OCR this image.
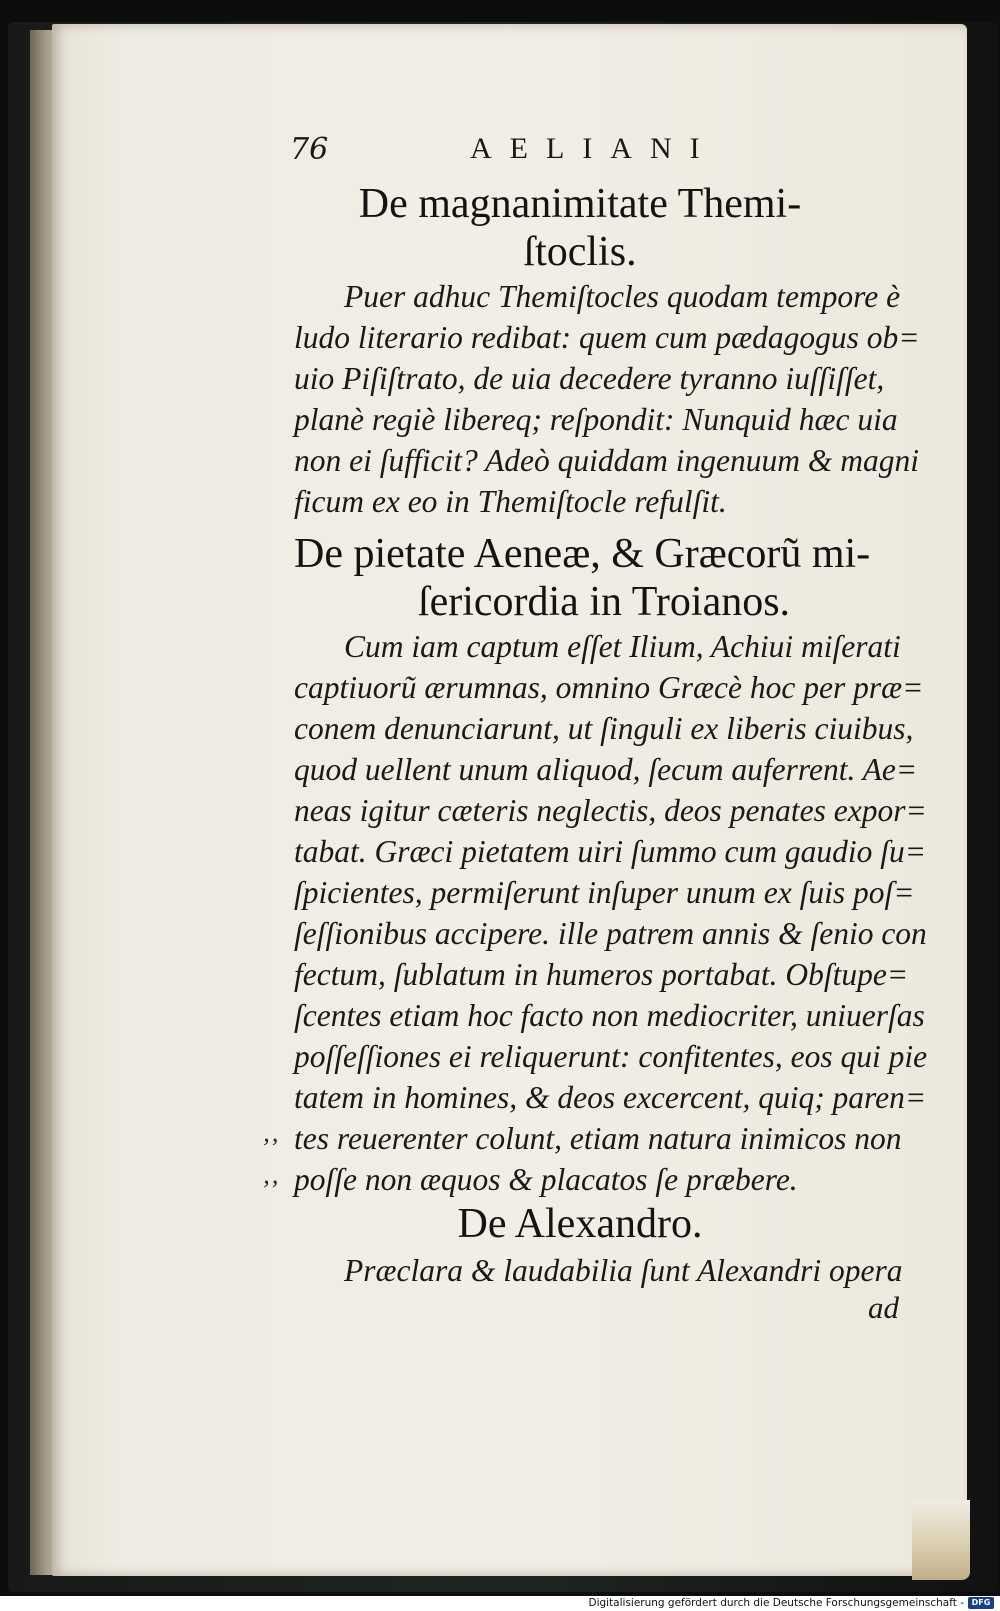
76	AELIANI
De magnanimitate Themi-
ſtoclis.
Puer adhuc Themiſtocles quodam tempore è
ludo literario redibat: quem cum pædagogus ob=
uio Piſiſtrato, de uia decedere tyranno iuſſiſſet,
planè regiè libereq; reſpondit: Nunquid hæc uia
non ei ſufficit? Adeò quiddam ingenuum & magni
ficum ex eo in Themiſtocle refulſit.
De pietate Aeneæ, & Græcorũ mi-
ſericordia in Troianos.
Cum iam captum eſſet Ilium, Achiui miſerati
captiuorũ ærumnas, omnino Græcè hoc per præ=
conem denunciarunt, ut ſinguli ex liberis ciuibus,
quod uellent unum aliquod, ſecum auferrent. Ae=
neas igitur cæteris neglectis, deos penates expor=
tabat. Græci pietatem uiri ſummo cum gaudio ſu=
ſpicientes, permiſerunt inſuper unum ex ſuis poſ=
ſeſſionibus accipere. ille patrem annis & ſenio con
fectum, ſublatum in humeros portabat. Obſtupe=
ſcentes etiam hoc facto non mediocriter, uniuerſas
poſſeſſiones ei reliquerunt: confitentes, eos qui pie
tatem in homines, & deos excercent, quiq; paren=
tes reuerenter colunt, etiam natura inimicos non
poſſe non æquos & placatos ſe præbere.
‚‚
‚‚
De Alexandro.
Præclara & laudabilia ſunt Alexandri opera
ad
Digitalisierung gefördert durch die Deutsche Forschungsgemeinschaft - DFG
